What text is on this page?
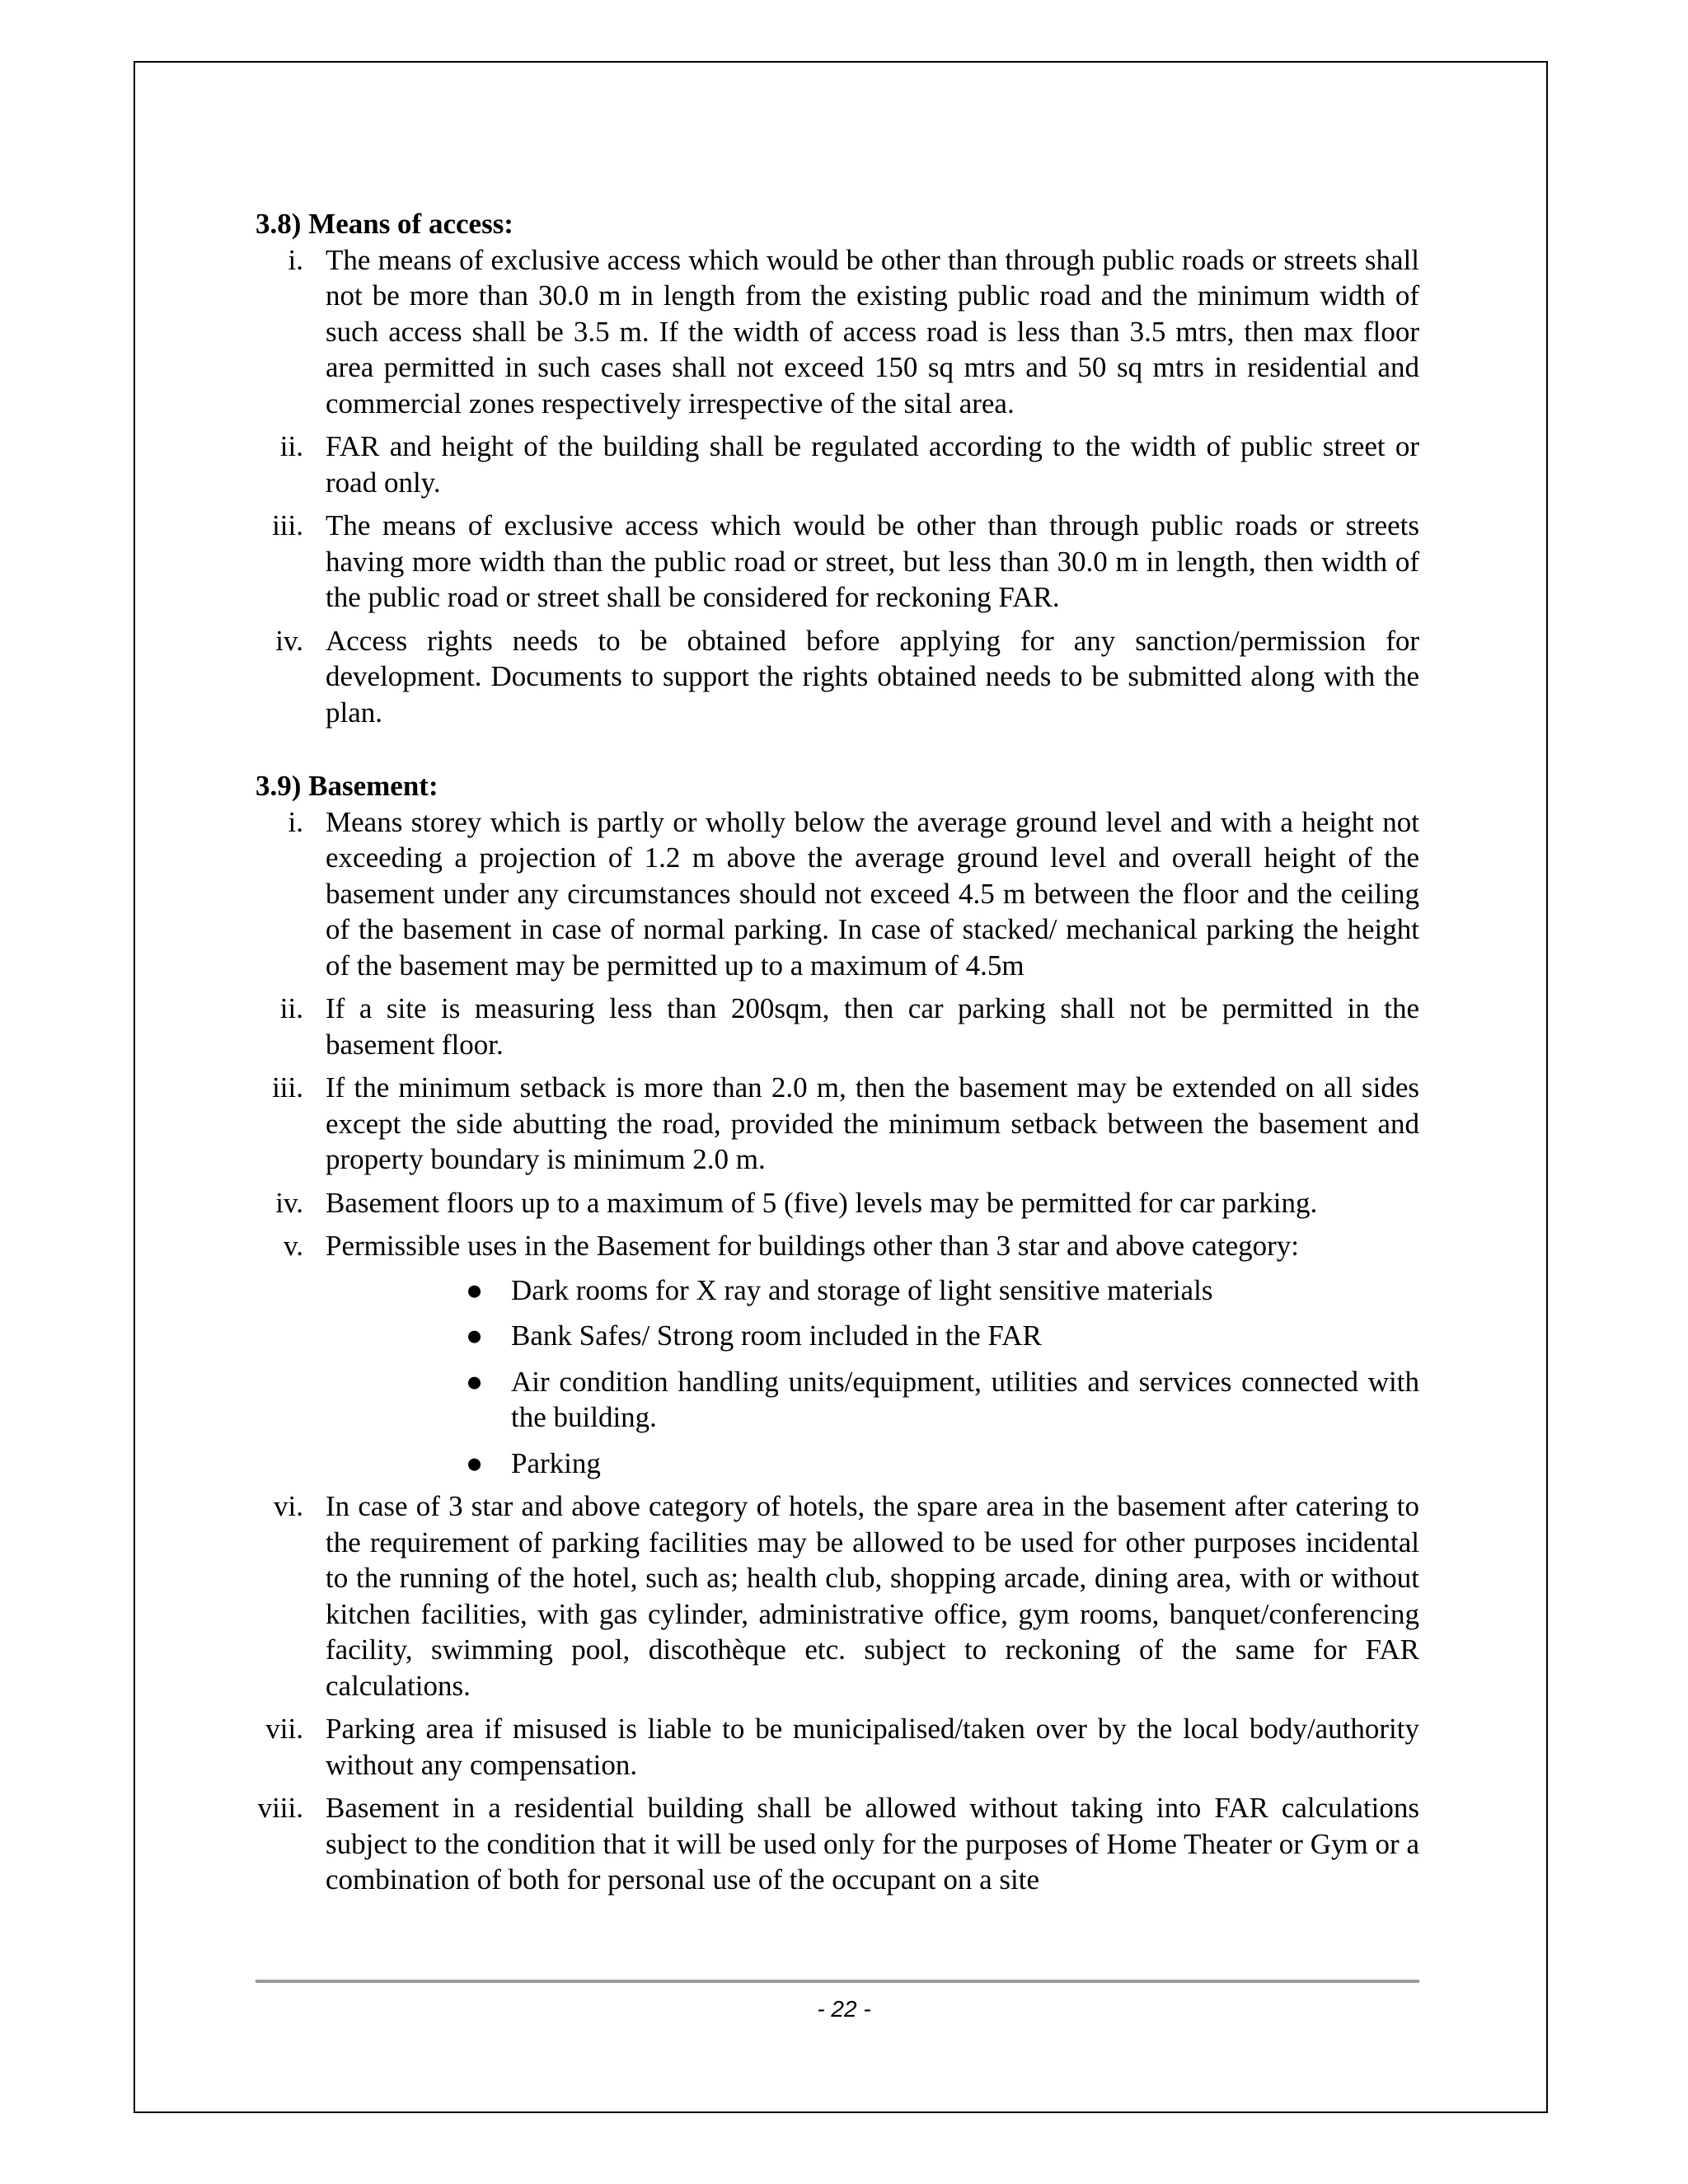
3.8) Means of access:
i. The means of exclusive access which would be other than through public roads or streets shall not be more than 30.0 m in length from the existing public road and the minimum width of such access shall be 3.5 m. If the width of access road is less than 3.5 mtrs, then max floor area permitted in such cases shall not exceed 150 sq mtrs and 50 sq mtrs in residential and commercial zones respectively irrespective of the sital area.
ii. FAR and height of the building shall be regulated according to the width of public street or road only.
iii. The means of exclusive access which would be other than through public roads or streets having more width than the public road or street, but less than 30.0 m in length, then width of the public road or street shall be considered for reckoning FAR.
iv. Access rights needs to be obtained before applying for any sanction/permission for development. Documents to support the rights obtained needs to be submitted along with the plan.
3.9) Basement:
i. Means storey which is partly or wholly below the average ground level and with a height not exceeding a projection of 1.2 m above the average ground level and overall height of the basement under any circumstances should not exceed 4.5 m between the floor and the ceiling of the basement in case of normal parking. In case of stacked/ mechanical parking the height of the basement may be permitted up to a maximum of 4.5m
ii. If a site is measuring less than 200sqm, then car parking shall not be permitted in the basement floor.
iii. If the minimum setback is more than 2.0 m, then the basement may be extended on all sides except the side abutting the road, provided the minimum setback between the basement and property boundary is minimum 2.0 m.
iv. Basement floors up to a maximum of 5 (five) levels may be permitted for car parking.
v. Permissible uses in the Basement for buildings other than 3 star and above category:
● Dark rooms for X ray and storage of light sensitive materials
● Bank Safes/ Strong room included in the FAR
● Air condition handling units/equipment, utilities and services connected with the building.
● Parking
vi. In case of 3 star and above category of hotels, the spare area in the basement after catering to the requirement of parking facilities may be allowed to be used for other purposes incidental to the running of the hotel, such as; health club, shopping arcade, dining area, with or without kitchen facilities, with gas cylinder, administrative office, gym rooms, banquet/conferencing facility, swimming pool, discothèque etc. subject to reckoning of the same for FAR calculations.
vii. Parking area if misused is liable to be municipalised/taken over by the local body/authority without any compensation.
viii. Basement in a residential building shall be allowed without taking into FAR calculations subject to the condition that it will be used only for the purposes of Home Theater or Gym or a combination of both for personal use of the occupant on a site
- 22 -
